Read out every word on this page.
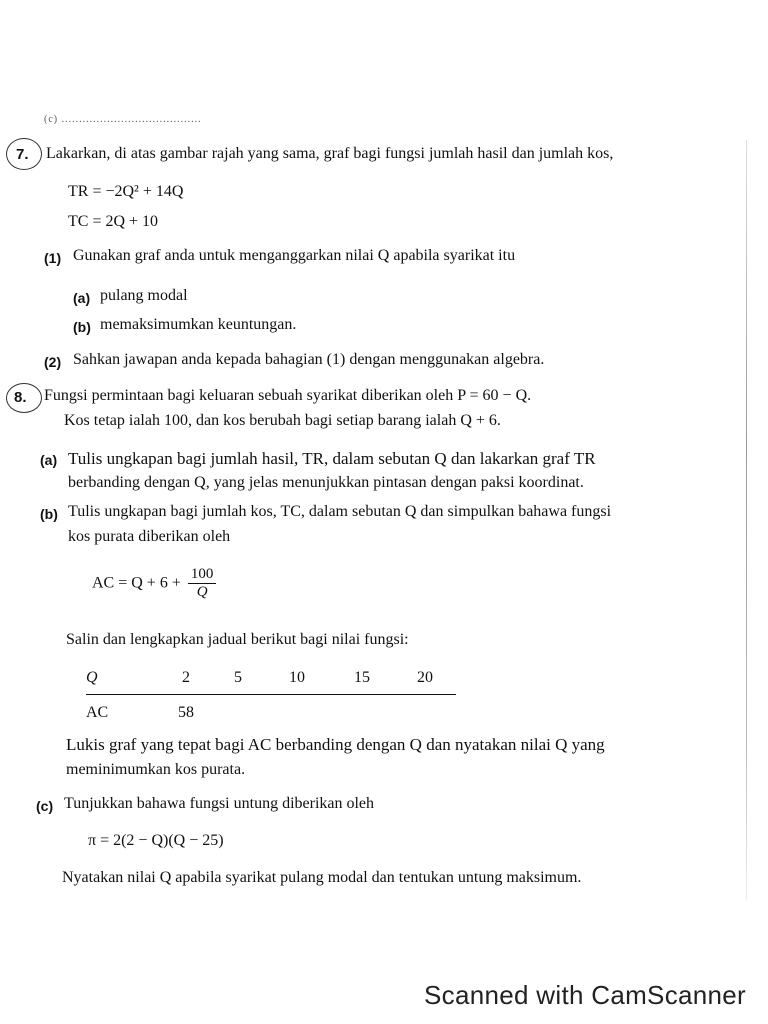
(c) ........................................
7. Lakarkan, di atas gambar rajah yang sama, graf bagi fungsi jumlah hasil dan jumlah kos,
TR = −2Q² + 14Q
TC = 2Q + 10
(1) Gunakan graf anda untuk menganggarkan nilai Q apabila syarikat itu
(a) pulang modal
(b) memaksimumkan keuntungan.
(2) Sahkan jawapan anda kepada bahagian (1) dengan menggunakan algebra.
8. Fungsi permintaan bagi keluaran sebuah syarikat diberikan oleh P = 60 − Q.
Kos tetap ialah 100, dan kos berubah bagi setiap barang ialah Q + 6.
(a) Tulis ungkapan bagi jumlah hasil, TR, dalam sebutan Q dan lakarkan graf TR
berbanding dengan Q, yang jelas menunjukkan pintasan dengan paksi koordinat.
(b) Tulis ungkapan bagi jumlah kos, TC, dalam sebutan Q dan simpulkan bahawa fungsi
kos purata diberikan oleh
AC = $Q + 6 + \frac{100}{Q}$
Salin dan lengkapkan jadual berikut bagi nilai fungsi:
Q	2	5	10	15	20
AC	58				
Lukis graf yang tepat bagi AC berbanding dengan Q dan nyatakan nilai Q yang
meminimumkan kos purata.
(c) Tunjukkan bahawa fungsi untung diberikan oleh
π = 2(2 − Q)(Q − 25)
Nyatakan nilai Q apabila syarikat pulang modal dan tentukan untung maksimum.
Scanned with CamScanner
